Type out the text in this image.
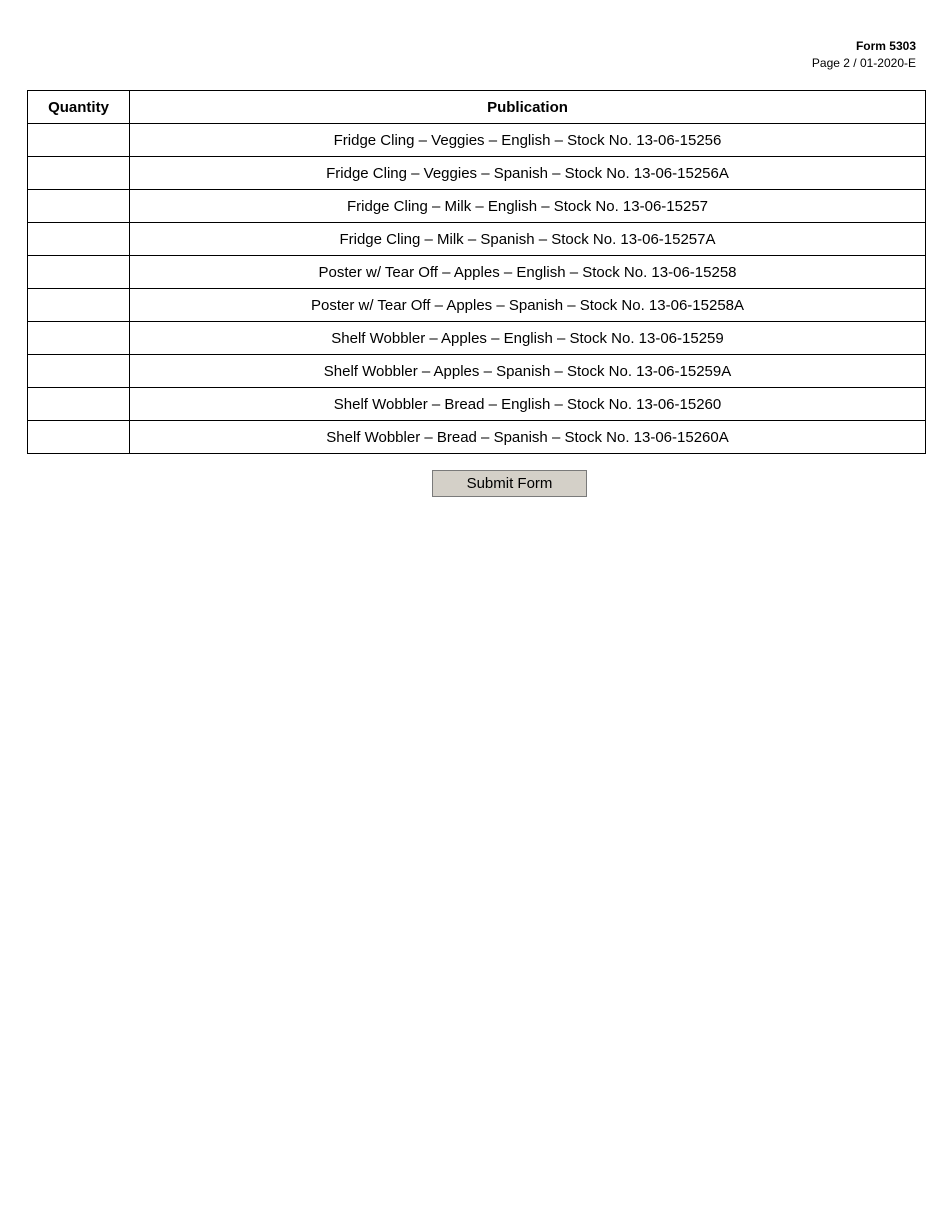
Form 5303
Page 2 / 01-2020-E
Quantity	Publication
	Fridge Cling – Veggies – English – Stock No. 13-06-15256
	Fridge Cling – Veggies – Spanish – Stock No. 13-06-15256A
	Fridge Cling – Milk – English – Stock No. 13-06-15257
	Fridge Cling – Milk – Spanish – Stock No. 13-06-15257A
	Poster w/ Tear Off – Apples – English – Stock No. 13-06-15258
	Poster w/ Tear Off – Apples – Spanish – Stock No. 13-06-15258A
	Shelf Wobbler – Apples – English – Stock No. 13-06-15259
	Shelf Wobbler – Apples – Spanish – Stock No. 13-06-15259A
	Shelf Wobbler – Bread – English – Stock No. 13-06-15260
	Shelf Wobbler – Bread – Spanish – Stock No. 13-06-15260A
Submit Form
